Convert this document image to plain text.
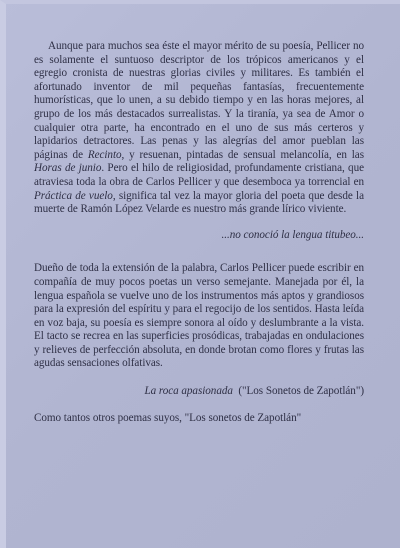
Aunque para muchos sea éste el mayor mérito de su poesía, Pellicer no es solamente el suntuoso descriptor de los trópicos americanos y el egregio cronista de nuestras glorias civiles y militares. Es también el afortunado inventor de mil pequeñas fantasías, frecuentemente humorísticas, que lo unen, a su debido tiempo y en las horas mejores, al grupo de los más destacados surrealistas. Y la tiranía, ya sea de Amor o cualquier otra parte, ha encontrado en el uno de sus más certeros y lapidarios detractores. Las penas y las alegrías del amor pueblan las páginas de Recinto, y resuenan, pintadas de sensual melancolía, en las Horas de junio. Pero el hilo de religiosidad, profundamente cristiana, que atraviesa toda la obra de Carlos Pellicer y que desemboca ya torrencial en Práctica de vuelo, significa tal vez la mayor gloria del poeta que desde la muerte de Ramón López Velarde es nuestro más grande lírico viviente.

...no conoció la lengua titubeo...

Dueño de toda la extensión de la palabra, Carlos Pellicer puede escribir en compañía de muy pocos poetas un verso semejante. Manejada por él, la lengua española se vuelve uno de los instrumentos más aptos y grandiosos para la expresión del espíritu y para el regocijo de los sentidos. Hasta leída en voz baja, su poesía es siempre sonora al oído y deslumbrante a la vista. El tacto se recrea en las superficies prosódicas, trabajadas en ondulaciones y relieves de perfección absoluta, en donde brotan como flores y frutas las agudas sensaciones olfativas.

La roca apasionada ("Los Sonetos de Zapotlán")

Como tantos otros poemas suyos, "Los sonetos de Zapotlán"
